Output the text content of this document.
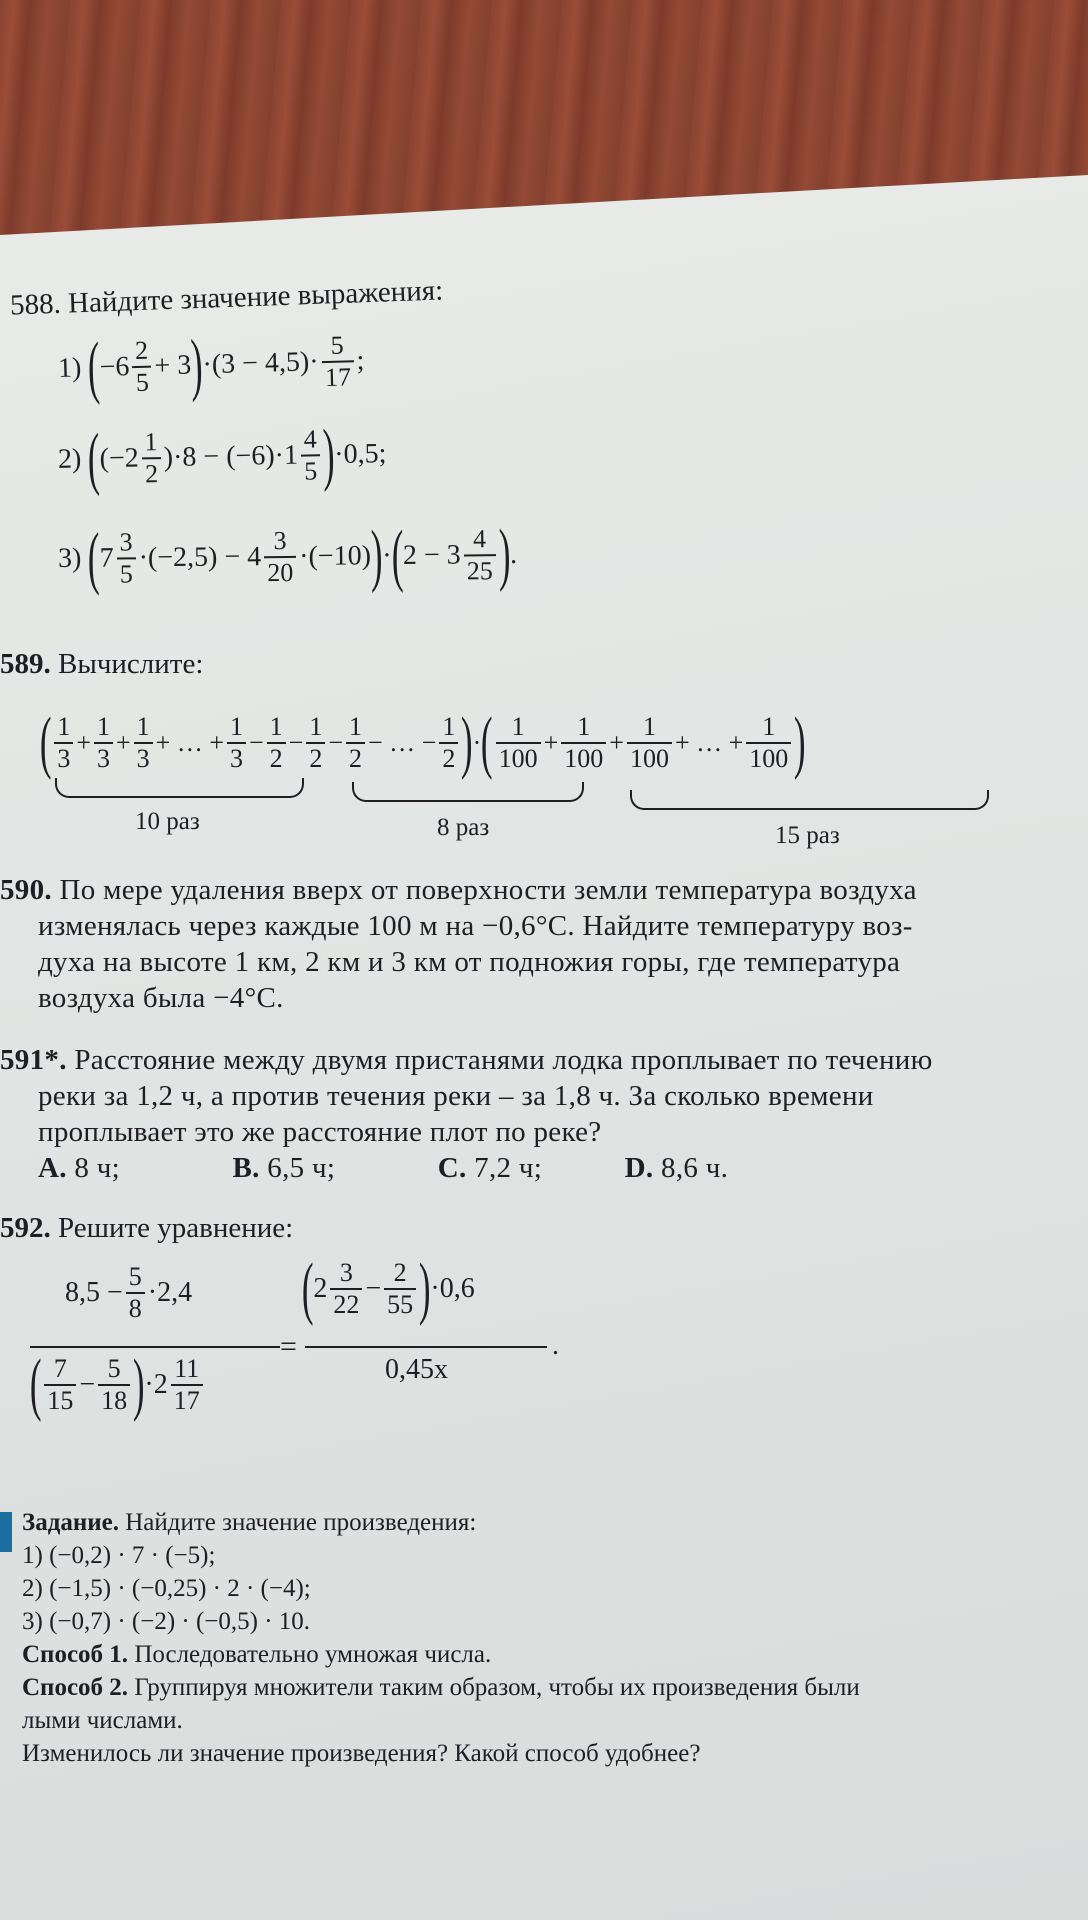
588. Найдите значение выражения:
1)
(
$-6 \frac{2}{5} + 3$
)
$\cdot(3 - 4,5)\cdot \frac{5}{17}$ ;
2)
(
$(-2 \frac{1}{2} )\cdot 8 - (-6)\cdot 1 \frac{4}{5}$ )
·0,5;
3)
( $7 \frac{3}{5} \cdot(-2,5) - 4 \frac{3}{20} \cdot(-10)$ ) · ( $2 - 3 \frac{4}{25}$ ) .
589. Вычислите:
( $\frac{1}{3} + \frac{1}{3} + \frac{1}{3}$ + … + $\frac{1}{3} - \frac{1}{2} - \frac{1}{2} - \frac{1}{2}$ − … − $\frac{1}{2}$ ) · ( $\frac{1}{100} + \frac{1}{100} + \frac{1}{100}$ + … + $\frac{1}{100}$ )
10 раз	8 раз	15 раз
590. По мере удаления вверх от поверхности земли температура воздуха
изменялась через каждые 100 м на −0,6°С. Найдите температуру воз-
духа на высоте 1 км, 2 км и 3 км от подножия горы, где температура
воздуха была −4°С.
591*. Расстояние между двумя пристанями лодка проплывает по течению
реки за 1,2 ч, а против течения реки – за 1,8 ч. За сколько времени
проплывает это же расстояние плот по реке?
А. 8 ч;	В. 6,5 ч;	С. 7,2 ч;	D. 8,6 ч.
592. Решите уравнение:
$8,5 - \frac{5}{8} \cdot 2,4$
( $\frac{7}{15} - \frac{5}{18}$ ) $\cdot 2 \frac{11}{17}$
=
( $2 \frac{3}{22} - \frac{2}{55}$ ) ·0,6
0,45x
.
Задание. Найдите значение произведения:
1) (−0,2) · 7 · (−5);
2) (−1,5) · (−0,25) · 2 · (−4);
3) (−0,7) · (−2) · (−0,5) · 10.
Способ 1. Последовательно умножая числа.
Способ 2. Группируя множители таким образом, чтобы их произведения были
лыми числами.
Изменилось ли значение произведения? Какой способ удобнее?
